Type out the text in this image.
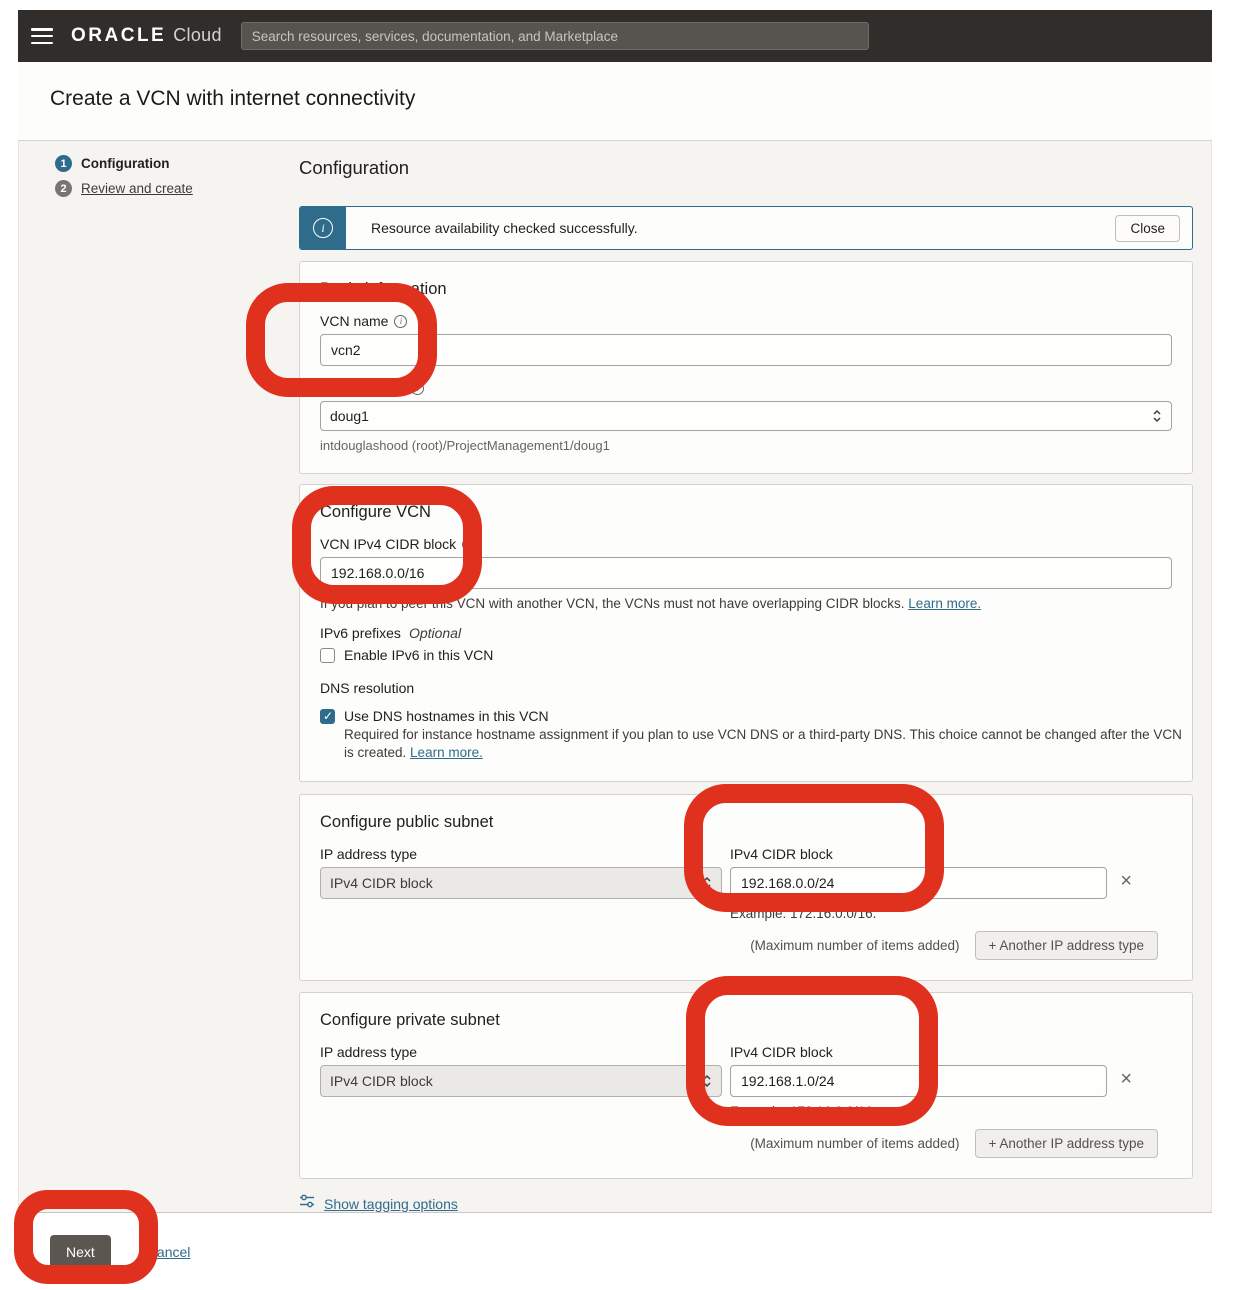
ORACLE Cloud
Search resources, services, documentation, and Marketplace
Create a VCN with internet connectivity
1	Configuration
2	Review and create
Configuration
i	Resource availability checked successfully.	Close
Basic information
VCN name	i
vcn2
Compartment	i
doug1
intdouglashood (root)/ProjectManagement1/doug1
Configure VCN
VCN IPv4 CIDR block	i
192.168.0.0/16
If you plan to peer this VCN with another VCN, the VCNs must not have overlapping CIDR blocks. Learn more.
IPv6 prefixes Optional
Enable IPv6 in this VCN
DNS resolution
✓
Use DNS hostnames in this VCN
Required for instance hostname assignment if you plan to use VCN DNS or a third-party DNS. This choice cannot be changed after the VCN is created. Learn more.
Configure public subnet
IP address type
IPv4 CIDR block
IPv4 CIDR block
192.168.0.0/24
×
Example: 172.16.0.0/16.
(Maximum number of items added)	+ Another IP address type
Configure private subnet
IP address type
IPv4 CIDR block
IPv4 CIDR block
192.168.1.0/24
×
Example: 172.16.0.0/16.
(Maximum number of items added)	+ Another IP address type
Show tagging options
Next	Cancel
